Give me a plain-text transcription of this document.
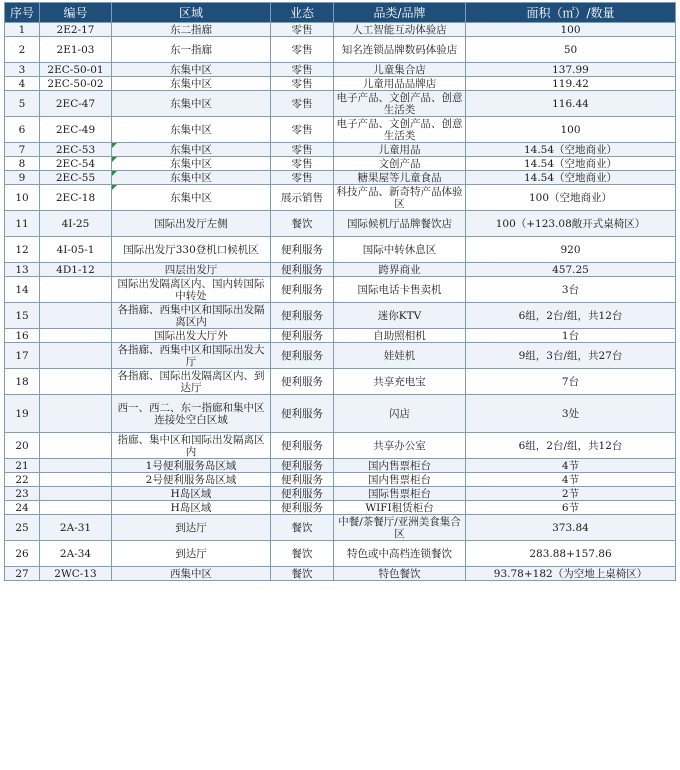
序号	编号	区域	业态	品类/品牌	面积（㎡）/数量
1	2E2-17	东二指廊	零售	人工智能互动体验店	100
2	2E1-03	东一指廊	零售	知名连锁品牌数码体验店	50
3	2EC-50-01	东集中区	零售	儿童集合店	137.99
4	2EC-50-02	东集中区	零售	儿童用品品牌店	119.42
5	2EC-47	东集中区	零售	电子产品、文创产品、创意生活类	116.44
6	2EC-49	东集中区	零售	电子产品、文创产品、创意生活类	100
7	2EC-53	东集中区	零售	儿童用品	14.54（空地商业）
8	2EC-54	东集中区	零售	文创产品	14.54（空地商业）
9	2EC-55	东集中区	零售	糖果屋等儿童食品	14.54（空地商业）
10	2EC-18	东集中区	展示销售	科技产品、新奇特产品体验区	100（空地商业）
11	4I-25	国际出发厅左侧	餐饮	国际候机厅品牌餐饮店	100（+123.08敞开式桌椅区）
12	4I-05-1	国际出发厅330登机口候机区	便利服务	国际中转休息区	920
13	4D1-12	四层出发厅	便利服务	跨界商业	457.25
14		国际出发隔离区内、国内转国际中转处	便利服务	国际电话卡售卖机	3台
15		各指廊、西集中区和国际出发隔离区内	便利服务	迷你KTV	6组，2台/组，共12台
16		国际出发大厅外	便利服务	自助照相机	1台
17		各指廊、西集中区和国际出发大厅	便利服务	娃娃机	9组，3台/组，共27台
18		各指廊、国际出发隔离区内、到达厅	便利服务	共享充电宝	7台
19		西一、西二、东一指廊和集中区连接处空白区域	便利服务	闪店	3处
20		指廊、集中区和国际出发隔离区内	便利服务	共享办公室	6组，2台/组，共12台
21		1号便利服务岛区域	便利服务	国内售票柜台	4节
22		2号便利服务岛区域	便利服务	国内售票柜台	4节
23		H岛区域	便利服务	国际售票柜台	2节
24		H岛区域	便利服务	WIFI租赁柜台	6节
25	2A-31	到达厅	餐饮	中餐/茶餐厅/亚洲美食集合区	373.84
26	2A-34	到达厅	餐饮	特色或中高档连锁餐饮	283.88+157.86
27	2WC-13	西集中区	餐饮	特色餐饮	93.78+182（为空地上桌椅区）
